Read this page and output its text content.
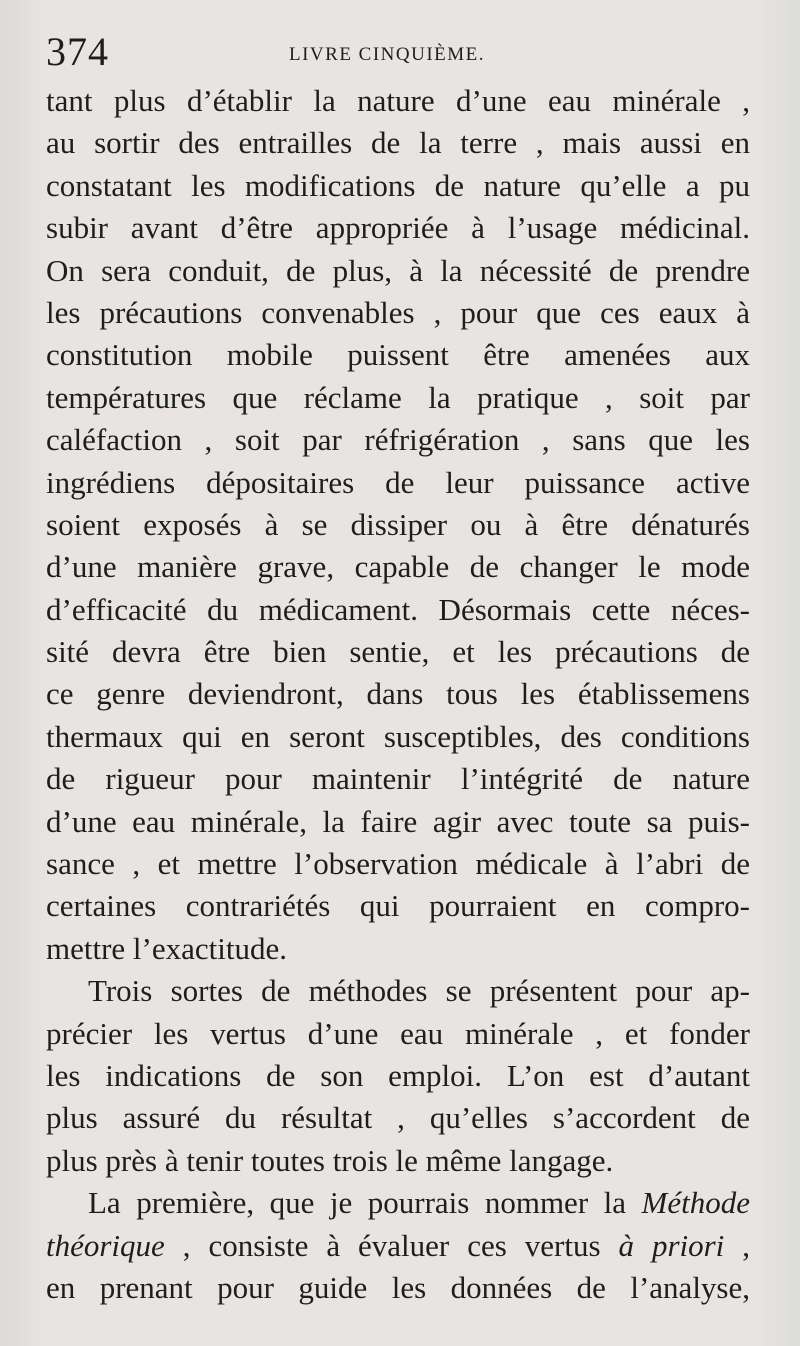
374	LIVRE CINQUIÈME.
tant plus d’établir la nature d’une eau minérale ,
au sortir des entrailles de la terre , mais aussi en
constatant les modifications de nature qu’elle a pu
subir avant d’être appropriée à l’usage médicinal.
On sera conduit, de plus, à la nécessité de prendre
les précautions convenables , pour que ces eaux à
constitution mobile puissent être amenées aux
températures que réclame la pratique , soit par
caléfaction , soit par réfrigération , sans que les
ingrédiens dépositaires de leur puissance active
soient exposés à se dissiper ou à être dénaturés
d’une manière grave, capable de changer le mode
d’efficacité du médicament. Désormais cette néces-
sité devra être bien sentie, et les précautions de
ce genre deviendront, dans tous les établissemens
thermaux qui en seront susceptibles, des conditions
de rigueur pour maintenir l’intégrité de nature
d’une eau minérale, la faire agir avec toute sa puis-
sance , et mettre l’observation médicale à l’abri de
certaines contrariétés qui pourraient en compro-
mettre l’exactitude.
Trois sortes de méthodes se présentent pour ap-
précier les vertus d’une eau minérale , et fonder
les indications de son emploi. L’on est d’autant
plus assuré du résultat , qu’elles s’accordent de
plus près à tenir toutes trois le même langage.
La première, que je pourrais nommer la Méthode
théorique , consiste à évaluer ces vertus à priori ,
en prenant pour guide les données de l’analyse,
